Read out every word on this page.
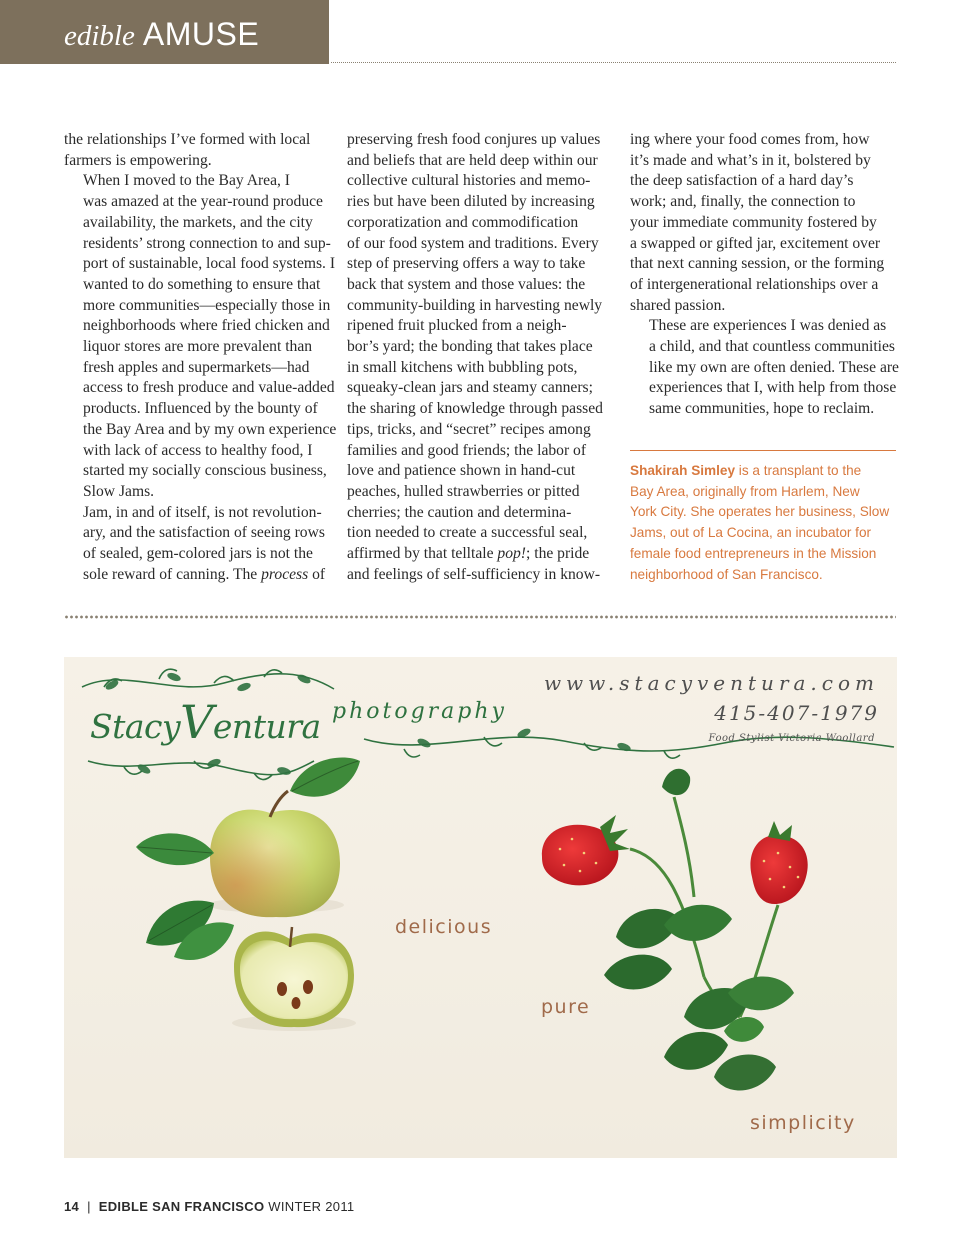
edible AMUSE

the relationships I’ve formed with local
farmers is empowering.

When I moved to the Bay Area, I
was amazed at the year-round produce
availability, the markets, and the city
residents’ strong connection to and sup-
port of sustainable, local food systems. I
wanted to do something to ensure that
more communities—especially those in
neighborhoods where fried chicken and
liquor stores are more prevalent than
fresh apples and supermarkets—had
access to fresh produce and value-added
products. Influenced by the bounty of
the Bay Area and by my own experience
with lack of access to healthy food, I
started my socially conscious business,
Slow Jams.

Jam, in and of itself, is not revolution-
ary, and the satisfaction of seeing rows
of sealed, gem-colored jars is not the
sole reward of canning. The process of

preserving fresh food conjures up values
and beliefs that are held deep within our
collective cultural histories and memo-
ries but have been diluted by increasing
corporatization and commodification
of our food system and traditions. Every
step of preserving offers a way to take
back that system and those values: the
community-building in harvesting newly
ripened fruit plucked from a neigh-
bor’s yard; the bonding that takes place
in small kitchens with bubbling pots,
squeaky-clean jars and steamy canners;
the sharing of knowledge through passed
tips, tricks, and “secret” recipes among
families and good friends; the labor of
love and patience shown in hand-cut
peaches, hulled strawberries or pitted
cherries; the caution and determina-
tion needed to create a successful seal,
affirmed by that telltale pop!; the pride
and feelings of self-sufficiency in know-

ing where your food comes from, how
it’s made and what’s in it, bolstered by
the deep satisfaction of a hard day’s
work; and, finally, the connection to
your immediate community fostered by
a swapped or gifted jar, excitement over
that next canning session, or the forming
of intergenerational relationships over a
shared passion.

These are experiences I was denied as
a child, and that countless communities
like my own are often denied. These are
experiences that I, with help from those
same communities, hope to reclaim.

Shakirah Simley is a transplant to the
Bay Area, originally from Harlem, New
York City. She operates her business, Slow
Jams, out of La Cocina, an incubator for
female food entrepreneurs in the Mission
neighborhood of San Francisco.
StacyVentura photography
www.stacyventura.com
415-407-1979
Food Stylist Victoria Woollard
delicious
pure
simplicity
14 | EDIBLE SAN FRANCISCO WINTER 2011
